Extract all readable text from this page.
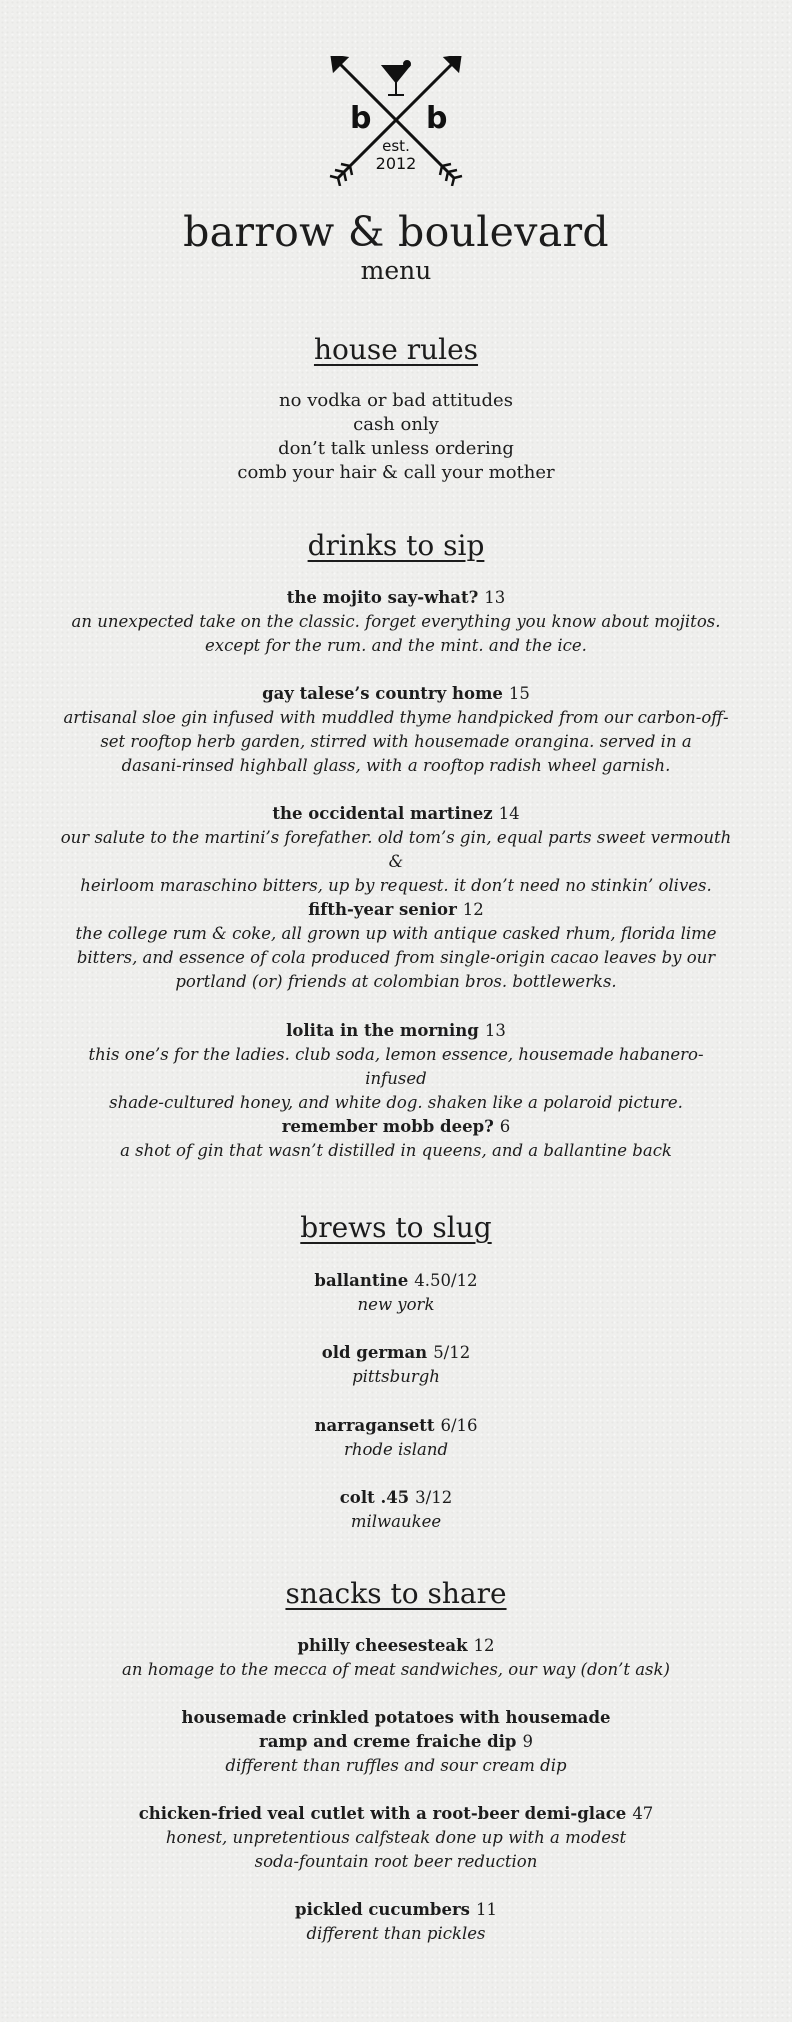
b b
est.
2012
barrow & boulevard
menu
house rules
no vodka or bad attitudes
cash only
don’t talk unless ordering
comb your hair & call your mother
drinks to sip
the mojito say-what? 13
an unexpected take on the classic. forget everything you know about mojitos.
except for the rum. and the mint. and the ice.
gay talese’s country home 15
artisanal sloe gin infused with muddled thyme handpicked from our carbon-off-
set rooftop herb garden, stirred with housemade orangina. served in a
dasani-rinsed highball glass, with a rooftop radish wheel garnish.
the occidental martinez 14
our salute to the martini’s forefather. old tom’s gin, equal parts sweet vermouth &
heirloom maraschino bitters, up by request. it don’t need no stinkin’ olives.
fifth-year senior 12
the college rum & coke, all grown up with antique casked rhum, florida lime
bitters, and essence of cola produced from single-origin cacao leaves by our
portland (or) friends at colombian bros. bottlewerks.
lolita in the morning 13
this one’s for the ladies. club soda, lemon essence, housemade habanero-infused
shade-cultured honey, and white dog. shaken like a polaroid picture.
remember mobb deep? 6
a shot of gin that wasn’t distilled in queens, and a ballantine back
brews to slug
ballantine 4.50/12
new york
old german 5/12
pittsburgh
narragansett 6/16
rhode island
colt .45 3/12
milwaukee
snacks to share
philly cheesesteak 12
an homage to the mecca of meat sandwiches, our way (don’t ask)
housemade crinkled potatoes with housemade
ramp and creme fraiche dip 9
different than ruffles and sour cream dip
chicken-fried veal cutlet with a root-beer demi-glace 47
honest, unpretentious calfsteak done up with a modest
soda-fountain root beer reduction
pickled cucumbers 11
different than pickles
